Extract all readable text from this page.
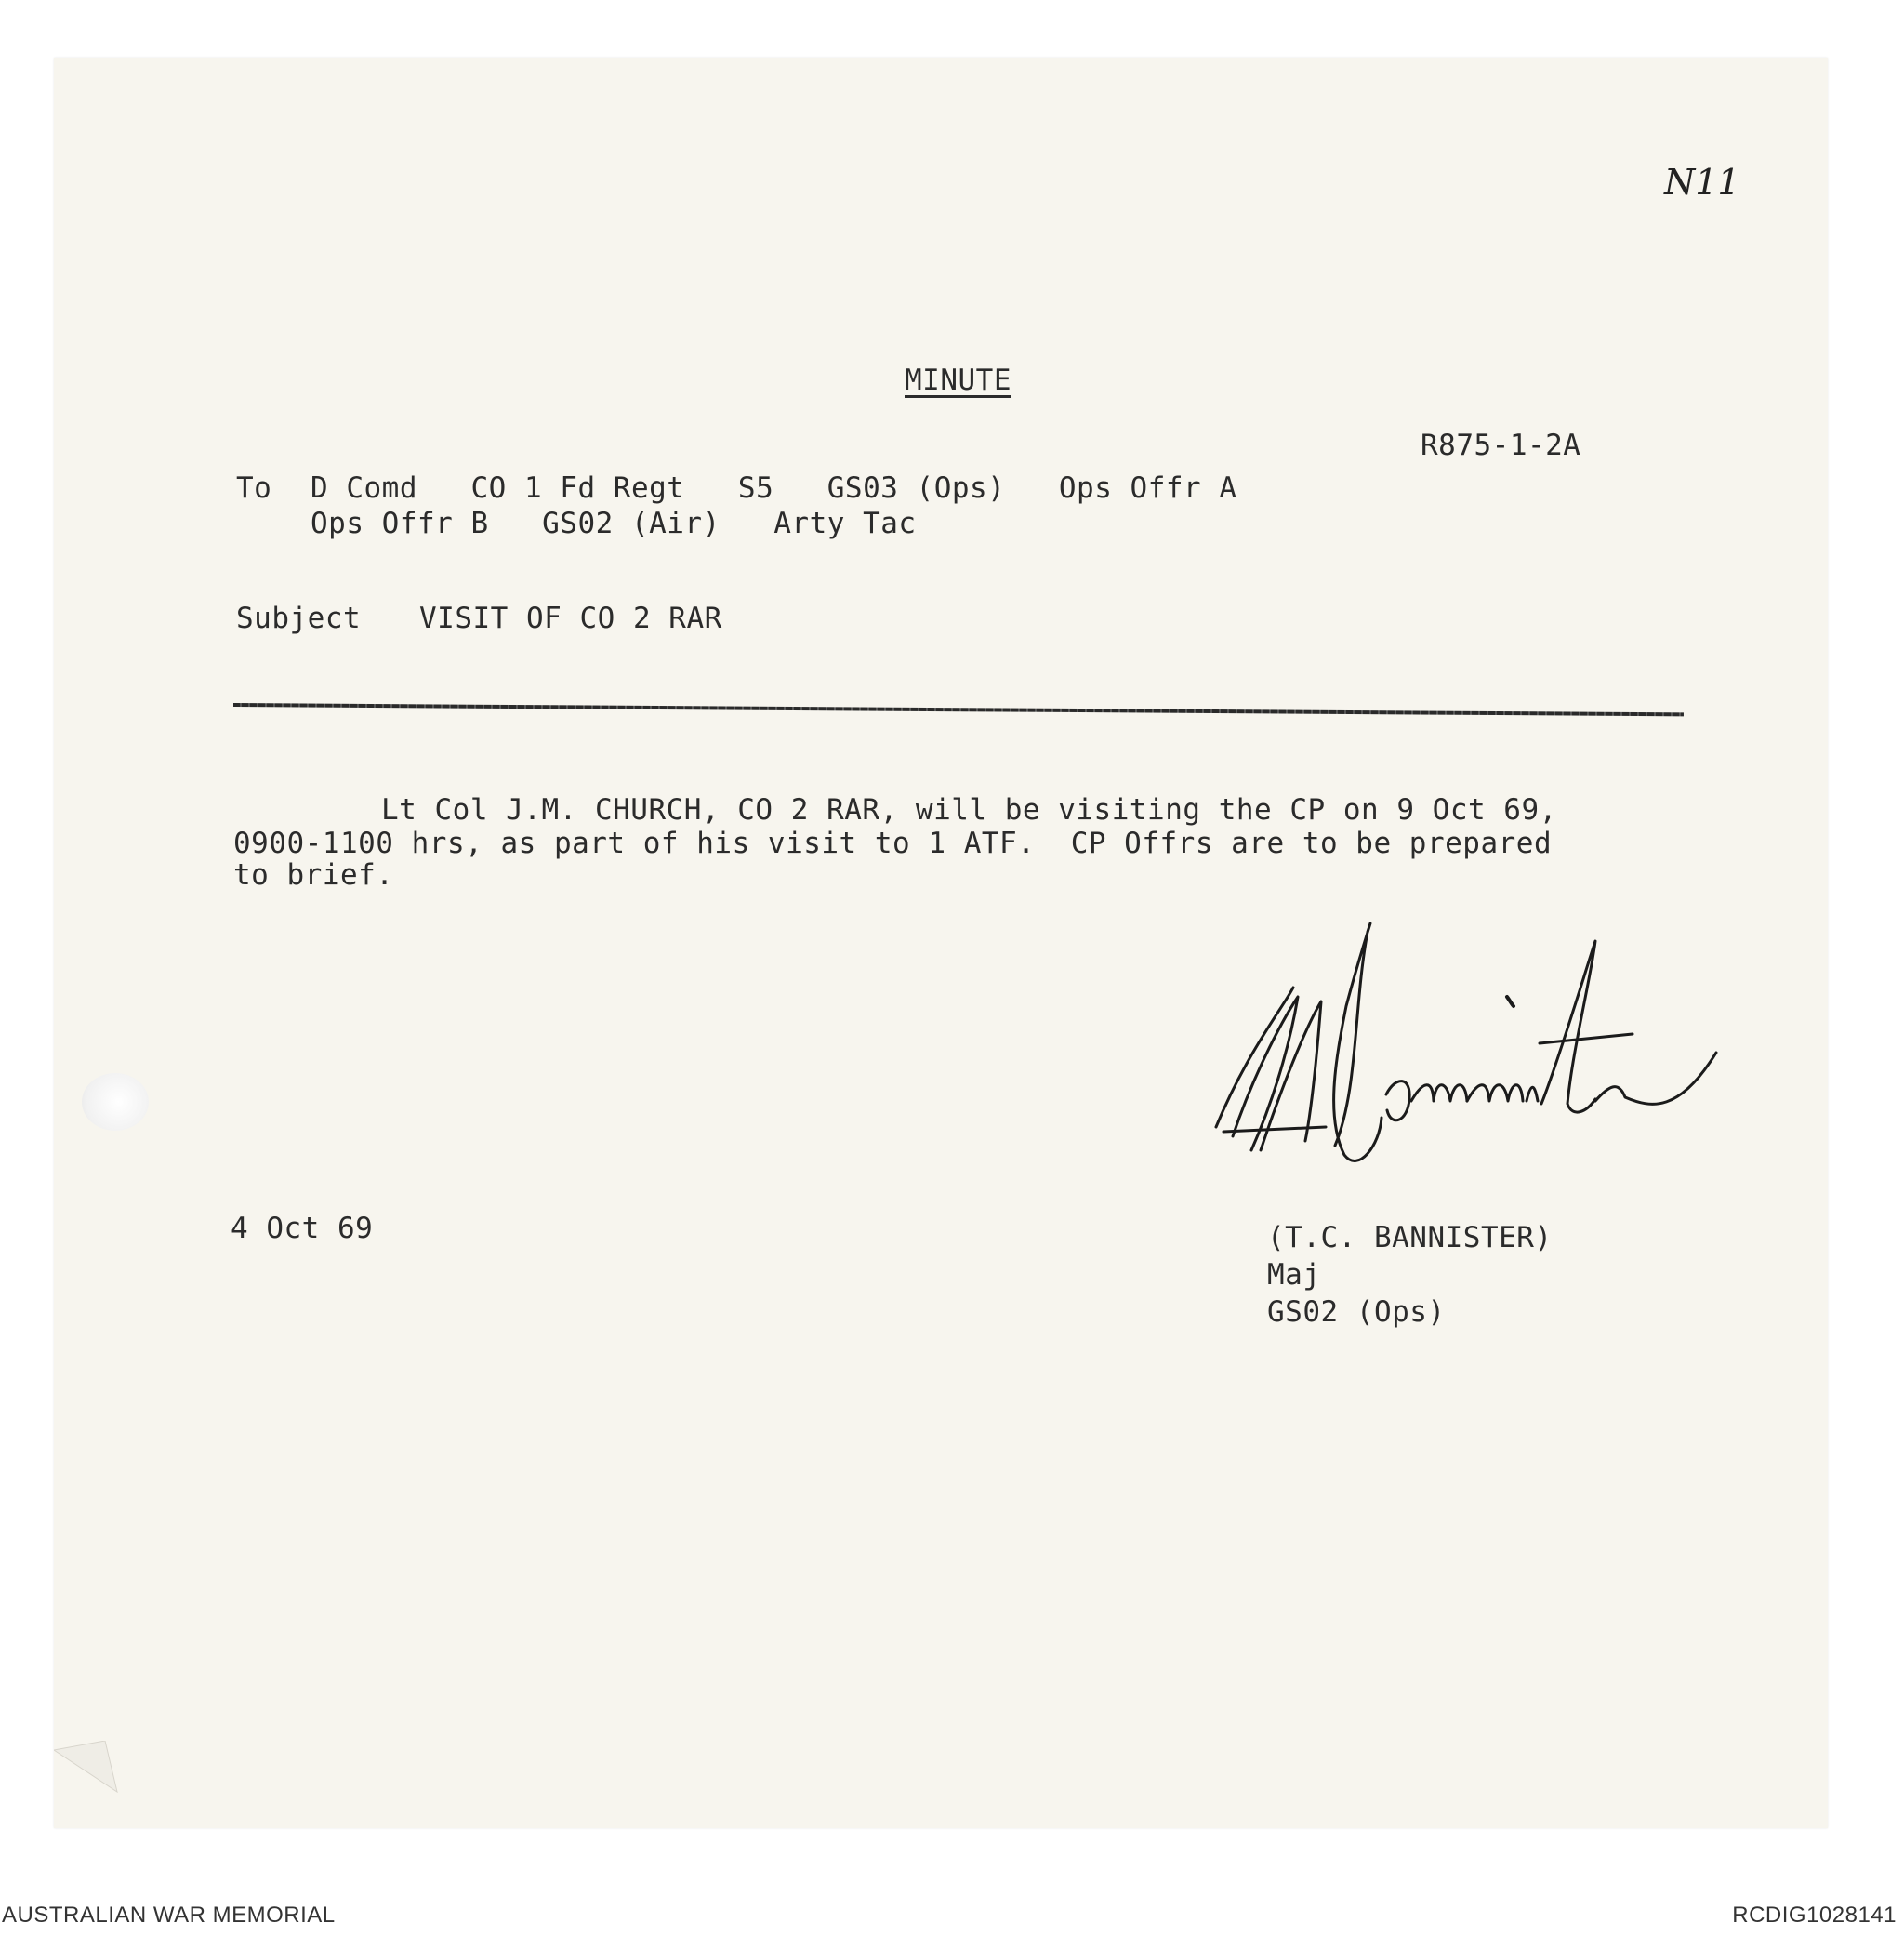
N11
MINUTE
R875-1-2A
To D Comd   CO 1 Fd Regt   S5   GS03 (Ops)   Ops Offr A
Ops Offr B   GS02 (Air)   Arty Tac
Subject VISIT OF CO 2 RAR
Lt Col J.M. CHURCH, CO 2 RAR, will be visiting the CP on 9 Oct 69,
0900-1100 hrs, as part of his visit to 1 ATF.  CP Offrs are to be prepared
to brief.
4 Oct 69	(T.C. BANNISTER)
Maj
GS02 (Ops)
AUSTRALIAN WAR MEMORIAL	RCDIG1028141
